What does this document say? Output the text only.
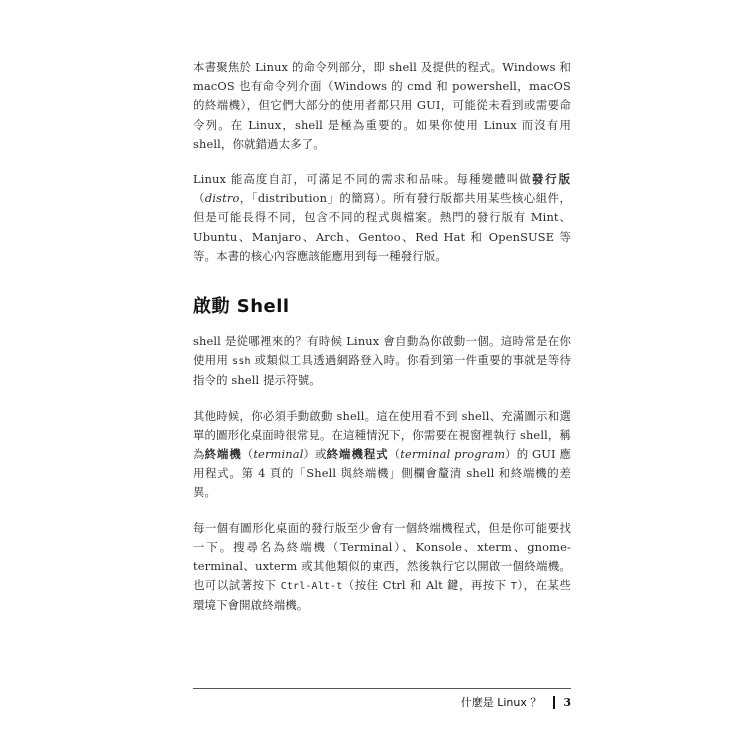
本書聚焦於 Linux 的命令列部分，即 shell 及提供的程式。Windows 和 macOS 也有命令列介面（Windows 的 cmd 和 powershell，macOS 的終端機），但它們大部分的使用者都只用 GUI，可能從未看到或需要命令列。在 Linux，shell 是極為重要的。如果你使用 Linux 而沒有用 shell，你就錯過太多了。

Linux 能高度自訂，可滿足不同的需求和品味。每種變體叫做發行版（distro，「distribution」的簡寫）。所有發行版都共用某些核心組件，但是可能長得不同，包含不同的程式與檔案。熱門的發行版有 Mint、Ubuntu、Manjaro、Arch、Gentoo、Red Hat 和 OpenSUSE 等等。本書的核心內容應該能應用到每一種發行版。

啟動 Shell

shell 是從哪裡來的？有時候 Linux 會自動為你啟動一個。這時常是在你使用用 ssh 或類似工具透過網路登入時。你看到第一件重要的事就是等待指令的 shell 提示符號。

其他時候，你必須手動啟動 shell。這在使用看不到 shell、充滿圖示和選單的圖形化桌面時很常見。在這種情況下，你需要在視窗裡執行 shell，稱為終端機（terminal）或終端機程式（terminal program）的 GUI 應用程式。第 4 頁的「Shell 與終端機」側欄會釐清 shell 和終端機的差異。

每一個有圖形化桌面的發行版至少會有一個終端機程式，但是你可能要找一下。搜尋名為終端機（Terminal）、Konsole、xterm、gnome-terminal、uxterm 或其他類似的東西，然後執行它以開啟一個終端機。也可以試著按下 Ctrl-Alt-t（按住 Ctrl 和 Alt 鍵，再按下 T），在某些環境下會開啟終端機。

什麼是 Linux ？ 3
